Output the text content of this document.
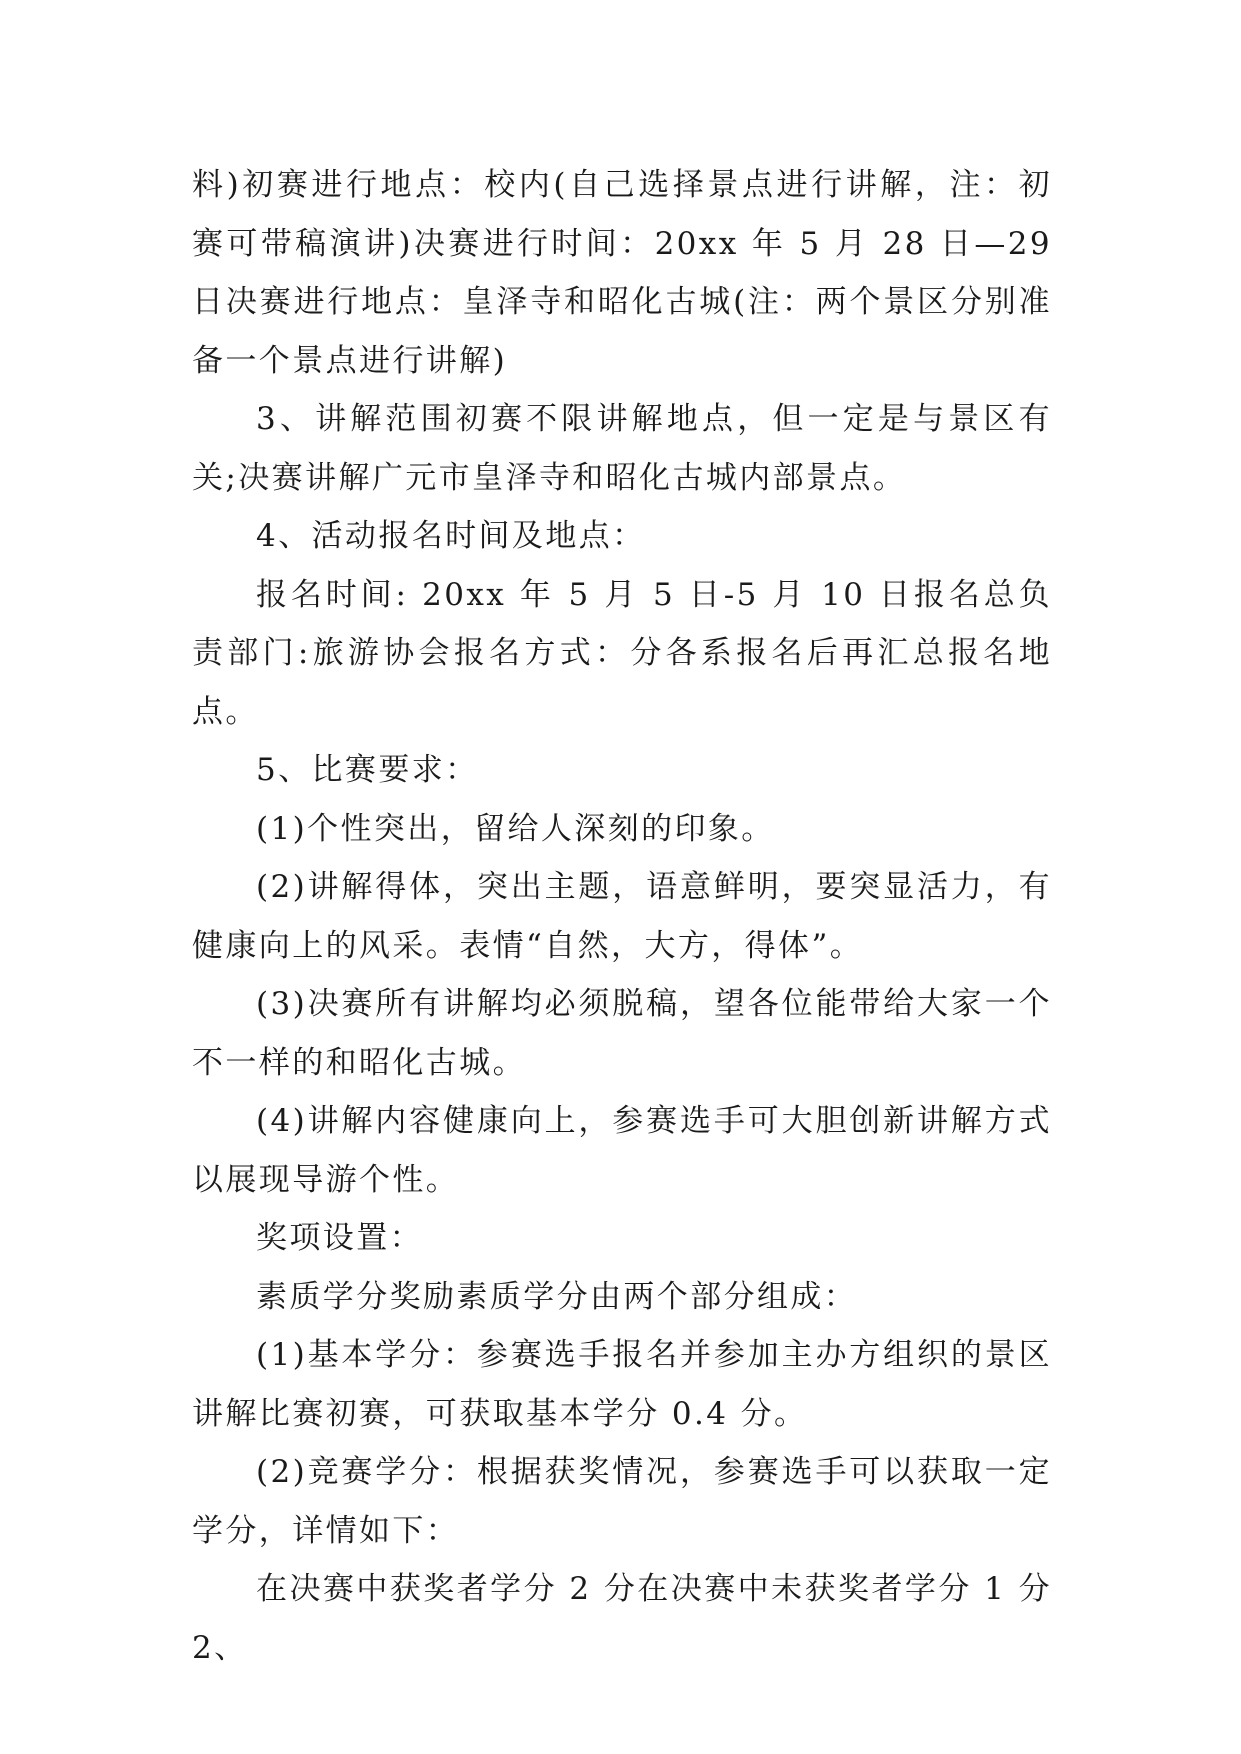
料)初赛进行地点：校内(自己选择景点进行讲解，注：初赛可带稿演讲)决赛进行时间：20xx 年 5 月 28 日—29 日决赛进行地点：皇泽寺和昭化古城(注：两个景区分别准备一个景点进行讲解)

3、讲解范围初赛不限讲解地点，但一定是与景区有关;决赛讲解广元市皇泽寺和昭化古城内部景点。

4、活动报名时间及地点：

报名时间: 20xx 年 5 月 5 日-5 月 10 日报名总负责部门:旅游协会报名方式：分各系报名后再汇总报名地点。

5、比赛要求：

(1)个性突出，留给人深刻的印象。

(2)讲解得体，突出主题，语意鲜明，要突显活力，有健康向上的风采。表情“自然，大方，得体”。

(3)决赛所有讲解均必须脱稿，望各位能带给大家一个不一样的和昭化古城。

(4)讲解内容健康向上，参赛选手可大胆创新讲解方式以展现导游个性。

奖项设置：

素质学分奖励素质学分由两个部分组成：

(1)基本学分：参赛选手报名并参加主办方组织的景区讲解比赛初赛，可获取基本学分 0.4 分。

(2)竞赛学分：根据获奖情况，参赛选手可以获取一定学分，详情如下：

在决赛中获奖者学分 2 分在决赛中未获奖者学分 1 分 2、
